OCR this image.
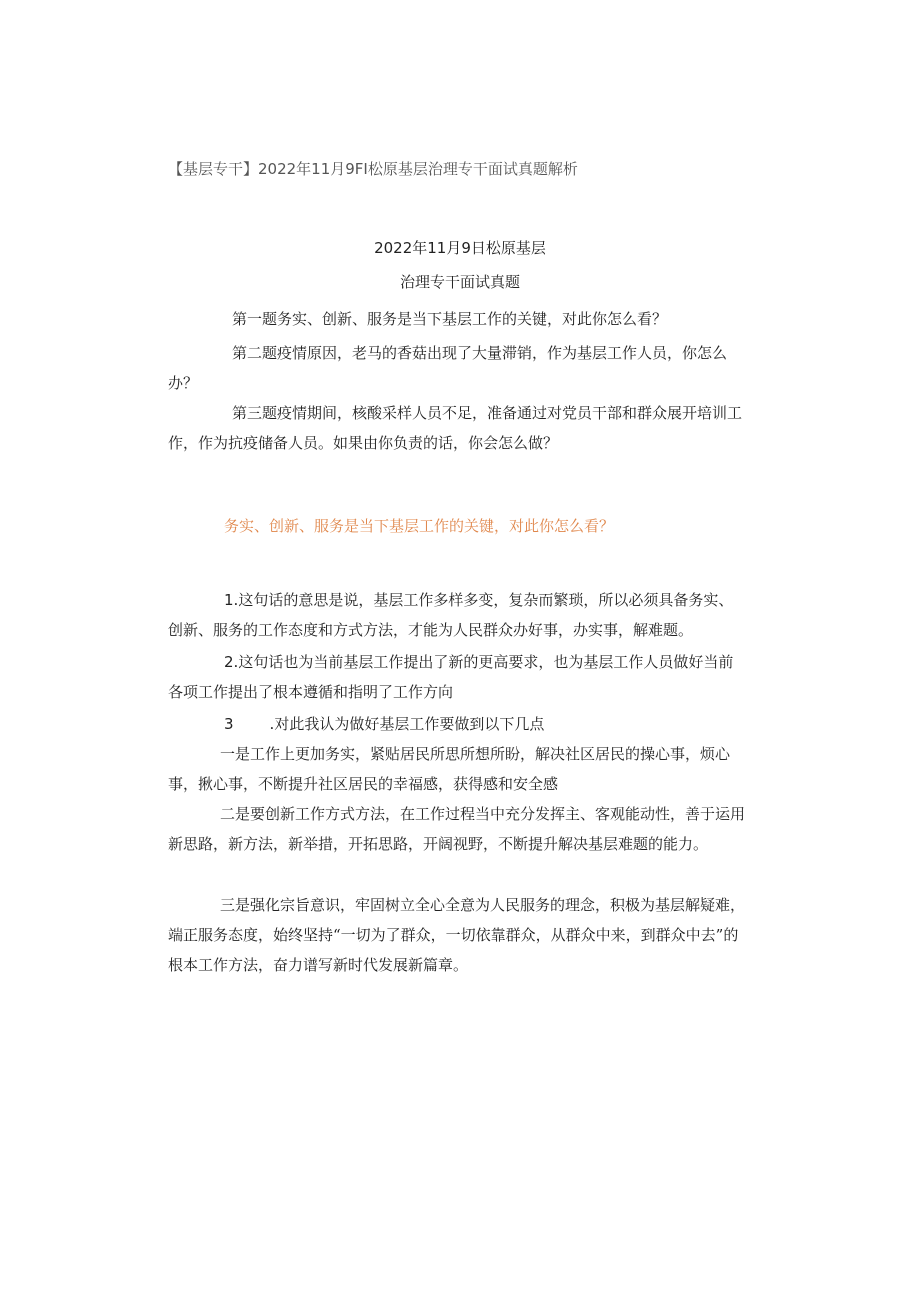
【基层专干】2022年11月9FI松原基层治理专干面试真题解析
2022年11月9日松原基层
治理专干面试真题
第一题务实、创新、服务是当下基层工作的关键，对此你怎么看？
第二题疫情原因，老马的香菇出现了大量滞销，作为基层工作人员，你怎么办？
第三题疫情期间，核酸采样人员不足，准备通过对党员干部和群众展开培训工作，作为抗疫储备人员。如果由你负责的话，你会怎么做？
务实、创新、服务是当下基层工作的关键，对此你怎么看？
1.这句话的意思是说，基层工作多样多变，复杂而繁琐，所以必须具备务实、创新、服务的工作态度和方式方法，才能为人民群众办好事，办实事，解难题。
2.这句话也为当前基层工作提出了新的更高要求，也为基层工作人员做好当前各项工作提出了根本遵循和指明了工作方向
3 .对此我认为做好基层工作要做到以下几点
一是工作上更加务实，紧贴居民所思所想所盼，解决社区居民的操心事，烦心事，揪心事，不断提升社区居民的幸福感，获得感和安全感
二是要创新工作方式方法，在工作过程当中充分发挥主、客观能动性，善于运用新思路，新方法，新举措，开拓思路，开阔视野，不断提升解决基层难题的能力。
三是强化宗旨意识，牢固树立全心全意为人民服务的理念，积极为基层解疑难，端正服务态度，始终坚持“一切为了群众，一切依靠群众，从群众中来，到群众中去”的根本工作方法，奋力谱写新时代发展新篇章。
